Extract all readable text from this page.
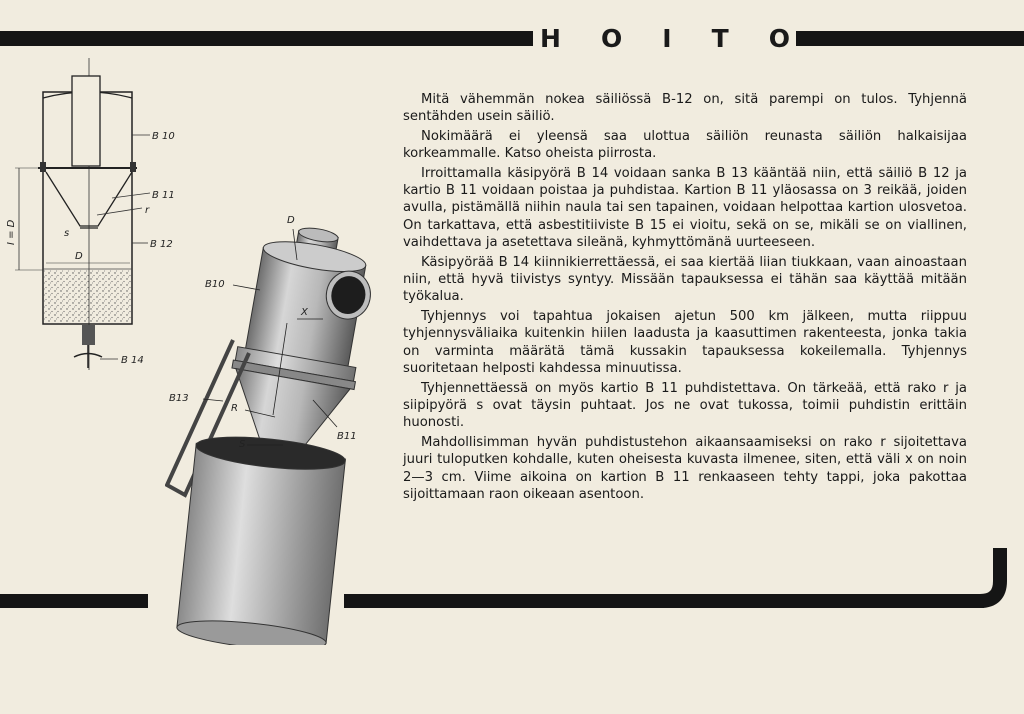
H O I T O

Mitä vähemmän nokea säiliössä B-12 on, sitä parempi on tulos. Tyhjennä sentähden usein säiliö.

Nokimäärä ei yleensä saa ulottua säiliön reunasta säiliön halkaisijaa korkeammalle. Katso oheista piirrosta.

Irroittamalla käsipyörä B 14 voidaan sanka B 13 kääntää niin, että säiliö B 12 ja kartio B 11 voidaan poistaa ja puhdistaa. Kartion B 11 yläosassa on 3 reikää, joiden avulla, pistämällä niihin naula tai sen tapainen, voidaan helpottaa kartion ulosvetoa. On tarkattava, että asbestitiiviste B 15 ei vioitu, sekä on se, mikäli se on viallinen, vaihdettava ja asetettava sileänä, kyhmyttömänä uurteeseen.

Käsipyörää B 14 kiinnikierrettäessä, ei saa kiertää liian tiukkaan, vaan ainoastaan niin, että hyvä tiivistys syntyy. Missään tapauksessa ei tähän saa käyttää mitään työkalua.

Tyhjennys voi tapahtua jokaisen ajetun 500 km jälkeen, mutta riippuu tyhjennysväliaika kuitenkin hiilen laadusta ja kaasuttimen rakenteesta, jonka takia on varminta määrätä tämä kussakin tapauksessa kokeilemalla. Tyhjennys suoritetaan helposti kahdessa minuutissa.

Tyhjennettäessä on myös kartio B 11 puhdistettava. On tärkeää, että rako r ja siipipyörä s ovat täysin puhtaat. Jos ne ovat tukossa, toimii puhdistin erittäin huonosti.

Mahdollisimman hyvän puhdistustehon aikaansaamiseksi on rako r sijoitettava juuri tuloputken kohdalle, kuten oheisesta kuvasta ilmenee, siten, että väli x on noin 2—3 cm. Viime aikoina on kartion B 11 renkaaseen tehty tappi, joka pakottaa sijoittamaan raon oikeaan asentoon.

D
I = D
B 10
B 11
r
s
B 12
B 14
D
B10
X
B13
R
S
B11
